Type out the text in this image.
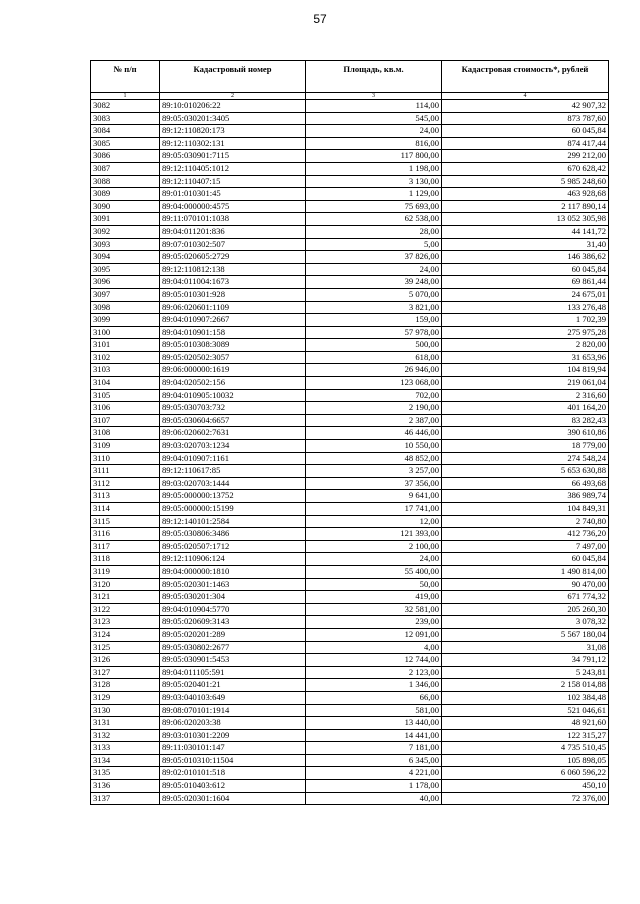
57
№ п/п	Кадастровый номер	Площадь, кв.м.	Кадастровая стоимость*, рублей
1	2	3	4
3082	89:10:010206:22	114,00	42 907,32
3083	89:05:030201:3405	545,00	873 787,60
3084	89:12:110820:173	24,00	60 045,84
3085	89:12:110302:131	816,00	874 417,44
3086	89:05:030901:7115	117 800,00	299 212,00
3087	89:12:110405:1012	1 198,00	670 628,42
3088	89:12:110407:15	3 130,00	5 985 248,60
3089	89:01:010301:45	1 129,00	463 928,68
3090	89:04:000000:4575	75 693,00	2 117 890,14
3091	89:11:070101:1038	62 538,00	13 052 305,98
3092	89:04:011201:836	28,00	44 141,72
3093	89:07:010302:507	5,00	31,40
3094	89:05:020605:2729	37 826,00	146 386,62
3095	89:12:110812:138	24,00	60 045,84
3096	89:04:011004:1673	39 248,00	69 861,44
3097	89:05:010301:928	5 070,00	24 675,01
3098	89:06:020601:1109	3 821,00	133 276,48
3099	89:04:010907:2667	159,00	1 702,39
3100	89:04:010901:158	57 978,00	275 975,28
3101	89:05:010308:3089	500,00	2 820,00
3102	89:05:020502:3057	618,00	31 653,96
3103	89:06:000000:1619	26 946,00	104 819,94
3104	89:04:020502:156	123 068,00	219 061,04
3105	89:04:010905:10032	702,00	2 316,60
3106	89:05:030703:732	2 190,00	401 164,20
3107	89:05:030604:6657	2 387,00	83 282,43
3108	89:06:020602:7631	46 446,00	390 610,86
3109	89:03:020703:1234	10 550,00	18 779,00
3110	89:04:010907:1161	48 852,00	274 548,24
3111	89:12:110617:85	3 257,00	5 653 630,88
3112	89:03:020703:1444	37 356,00	66 493,68
3113	89:05:000000:13752	9 641,00	386 989,74
3114	89:05:000000:15199	17 741,00	104 849,31
3115	89:12:140101:2584	12,00	2 740,80
3116	89:05:030806:3486	121 393,00	412 736,20
3117	89:05:020507:1712	2 100,00	7 497,00
3118	89:12:110906:124	24,00	60 045,84
3119	89:04:000000:1810	55 400,00	1 490 814,00
3120	89:05:020301:1463	50,00	90 470,00
3121	89:05:030201:304	419,00	671 774,32
3122	89:04:010904:5770	32 581,00	205 260,30
3123	89:05:020609:3143	239,00	3 078,32
3124	89:05:020201:289	12 091,00	5 567 180,04
3125	89:05:030802:2677	4,00	31,08
3126	89:05:030901:5453	12 744,00	34 791,12
3127	89:04:011105:591	2 123,00	5 243,81
3128	89:05:020401:21	1 346,00	2 158 014,88
3129	89:03:040103:649	66,00	102 384,48
3130	89:08:070101:1914	581,00	521 046,61
3131	89:06:020203:38	13 440,00	48 921,60
3132	89:03:010301:2209	14 441,00	122 315,27
3133	89:11:030101:147	7 181,00	4 735 510,45
3134	89:05:010310:11504	6 345,00	105 898,05
3135	89:02:010101:518	4 221,00	6 060 596,22
3136	89:05:010403:612	1 178,00	450,10
3137	89:05:020301:1604	40,00	72 376,00
